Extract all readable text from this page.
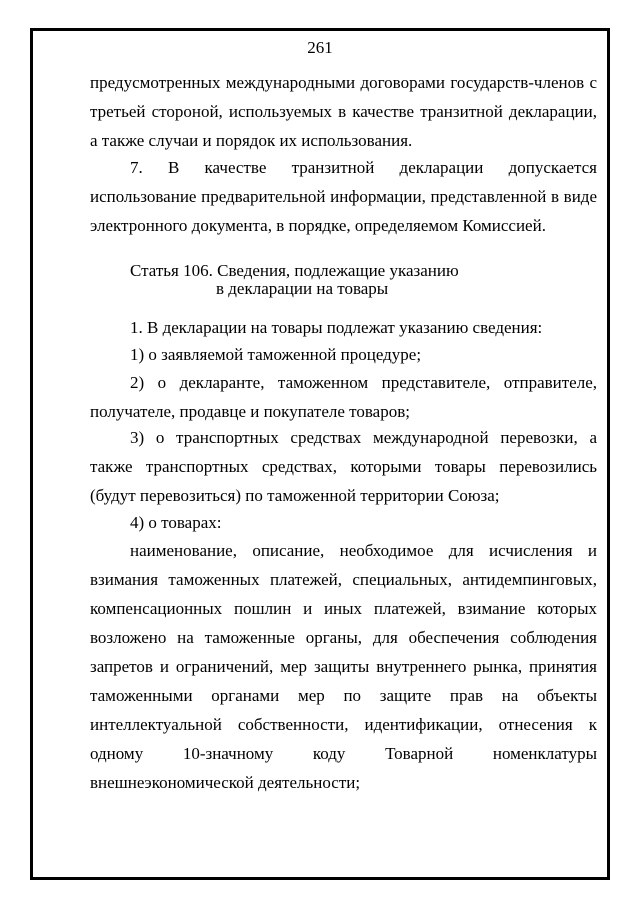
261

предусмотренных международными договорами государств-членов с третьей стороной, используемых в качестве транзитной декларации, а также случаи и порядок их использования.

7. В качестве транзитной декларации допускается использование предварительной информации, представленной в виде электронного документа, в порядке, определяемом Комиссией.

Статья 106. Сведения, подлежащие указанию
в декларации на товары

1. В декларации на товары подлежат указанию сведения:

1) о заявляемой таможенной процедуре;

2) о декларанте, таможенном представителе, отправителе, получателе, продавце и покупателе товаров;

3) о транспортных средствах международной перевозки, а также транспортных средствах, которыми товары перевозились (будут перевозиться) по таможенной территории Союза;

4) о товарах:

наименование, описание, необходимое для исчисления и взимания таможенных платежей, специальных, антидемпинговых, компенсационных пошлин и иных платежей, взимание которых возложено на таможенные органы, для обеспечения соблюдения запретов и ограничений, мер защиты внутреннего рынка, принятия таможенными органами мер по защите прав на объекты интеллектуальной собственности, идентификации, отнесения к одному 10-значному коду Товарной номенклатуры внешнеэкономической деятельности;
